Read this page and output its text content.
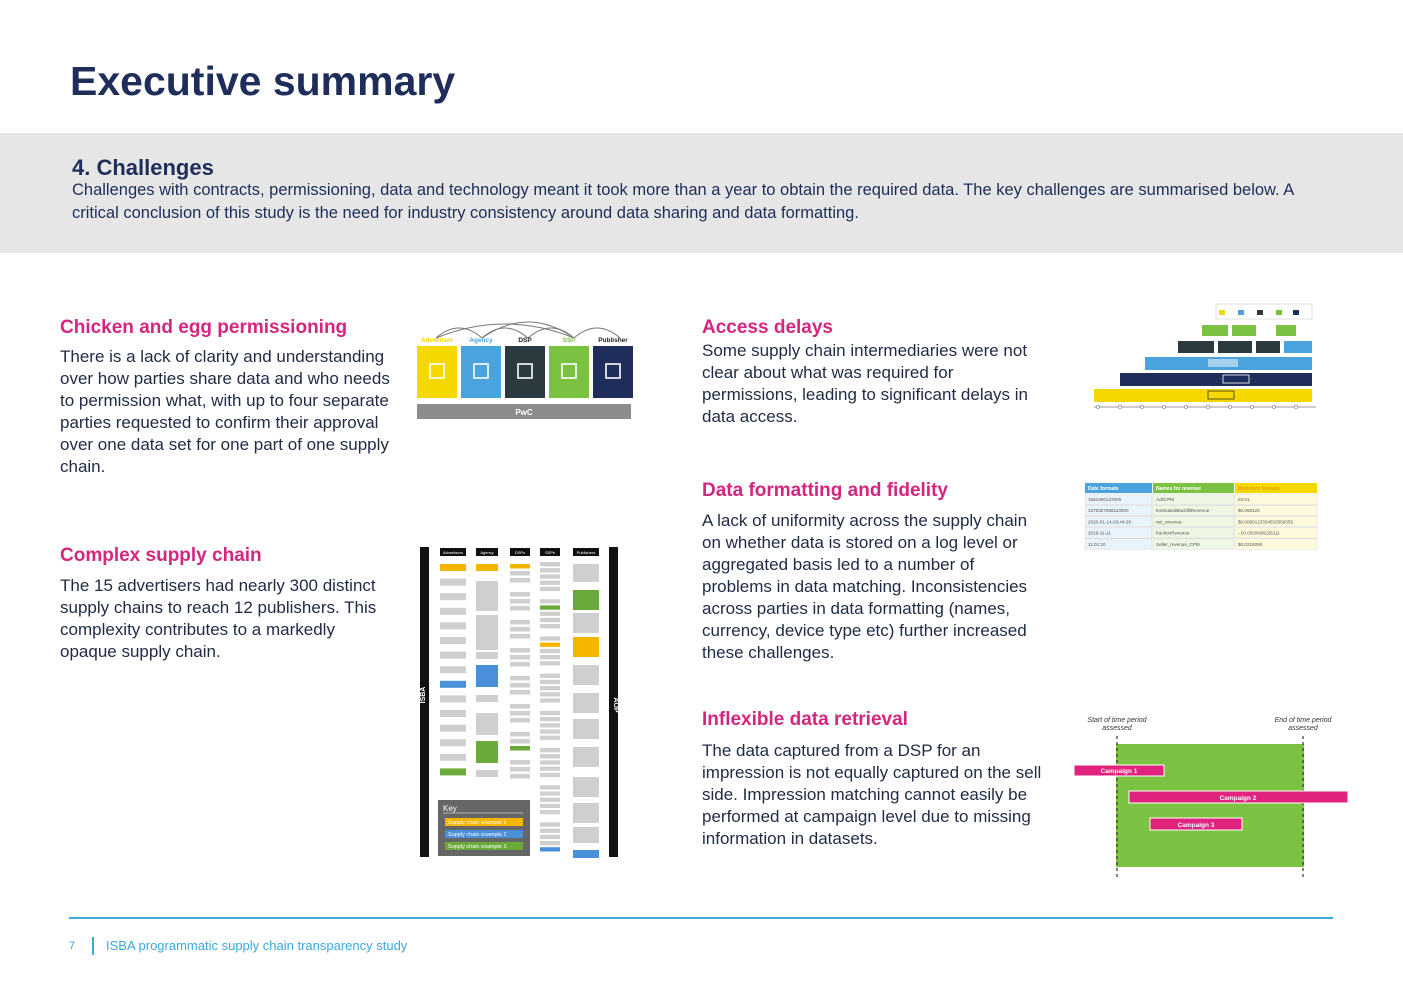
Executive summary
4. Challenges

Challenges with contracts, permissioning, data and technology meant it took more than a year to obtain the required data. The key challenges are summarised below. A critical conclusion of this study is the need for industry consistency around data sharing and data formatting.

Chicken and egg permissioning

There is a lack of clarity and understanding over how parties share data and who needs to permission what, with up to four separate parties requested to confirm their approval over one data set for one part of one supply chain.

Complex supply chain

The 15 advertisers had nearly 300 distinct supply chains to reach 12 publishers. This complexity contributes to a markedly opaque supply chain.

Access delays

Some supply chain intermediaries were not clear about what was required for permissions, leading to significant delays in data access.

Data formatting and fidelity

A lack of uniformity across the supply chain on whether data is stored on a log level or aggregated basis led to a number of problems in data matching. Inconsistencies across parties in data formatting (names, currency, device type etc) further increased these challenges.

Inflexible data retrieval

The data captured from a DSP for an impression is not equally captured on the sell side. Impression matching cannot easily be performed at campaign level due to missing information in datasets.

Advertiser Agency	DSP	SSP	Publisher
PwC
ISBA
AOP
Advertisers	Agency	DSPs	SSPs	Publishers
Key
Supply chain example 1
Supply chain example 2
Supply chain example 3
Date formats	Names for revenue	Monetary formats
1581900137000	AdsCPM	£0.01
1575307858110000	EstimatedBackfillRevenue	$0.068123
2020-01-14-20:44:29	net_revenue	$0.0080123334553558355
2019-11-11	fractionRevenue	- £0.0020098226111
11:01:20	Seller_revenue_CPM	$0.0216090
Start of time period assessed
End of time period assessed
Campaign 1
Campaign 2
Campaign 3
7 ISBA programmatic supply chain transparency study
